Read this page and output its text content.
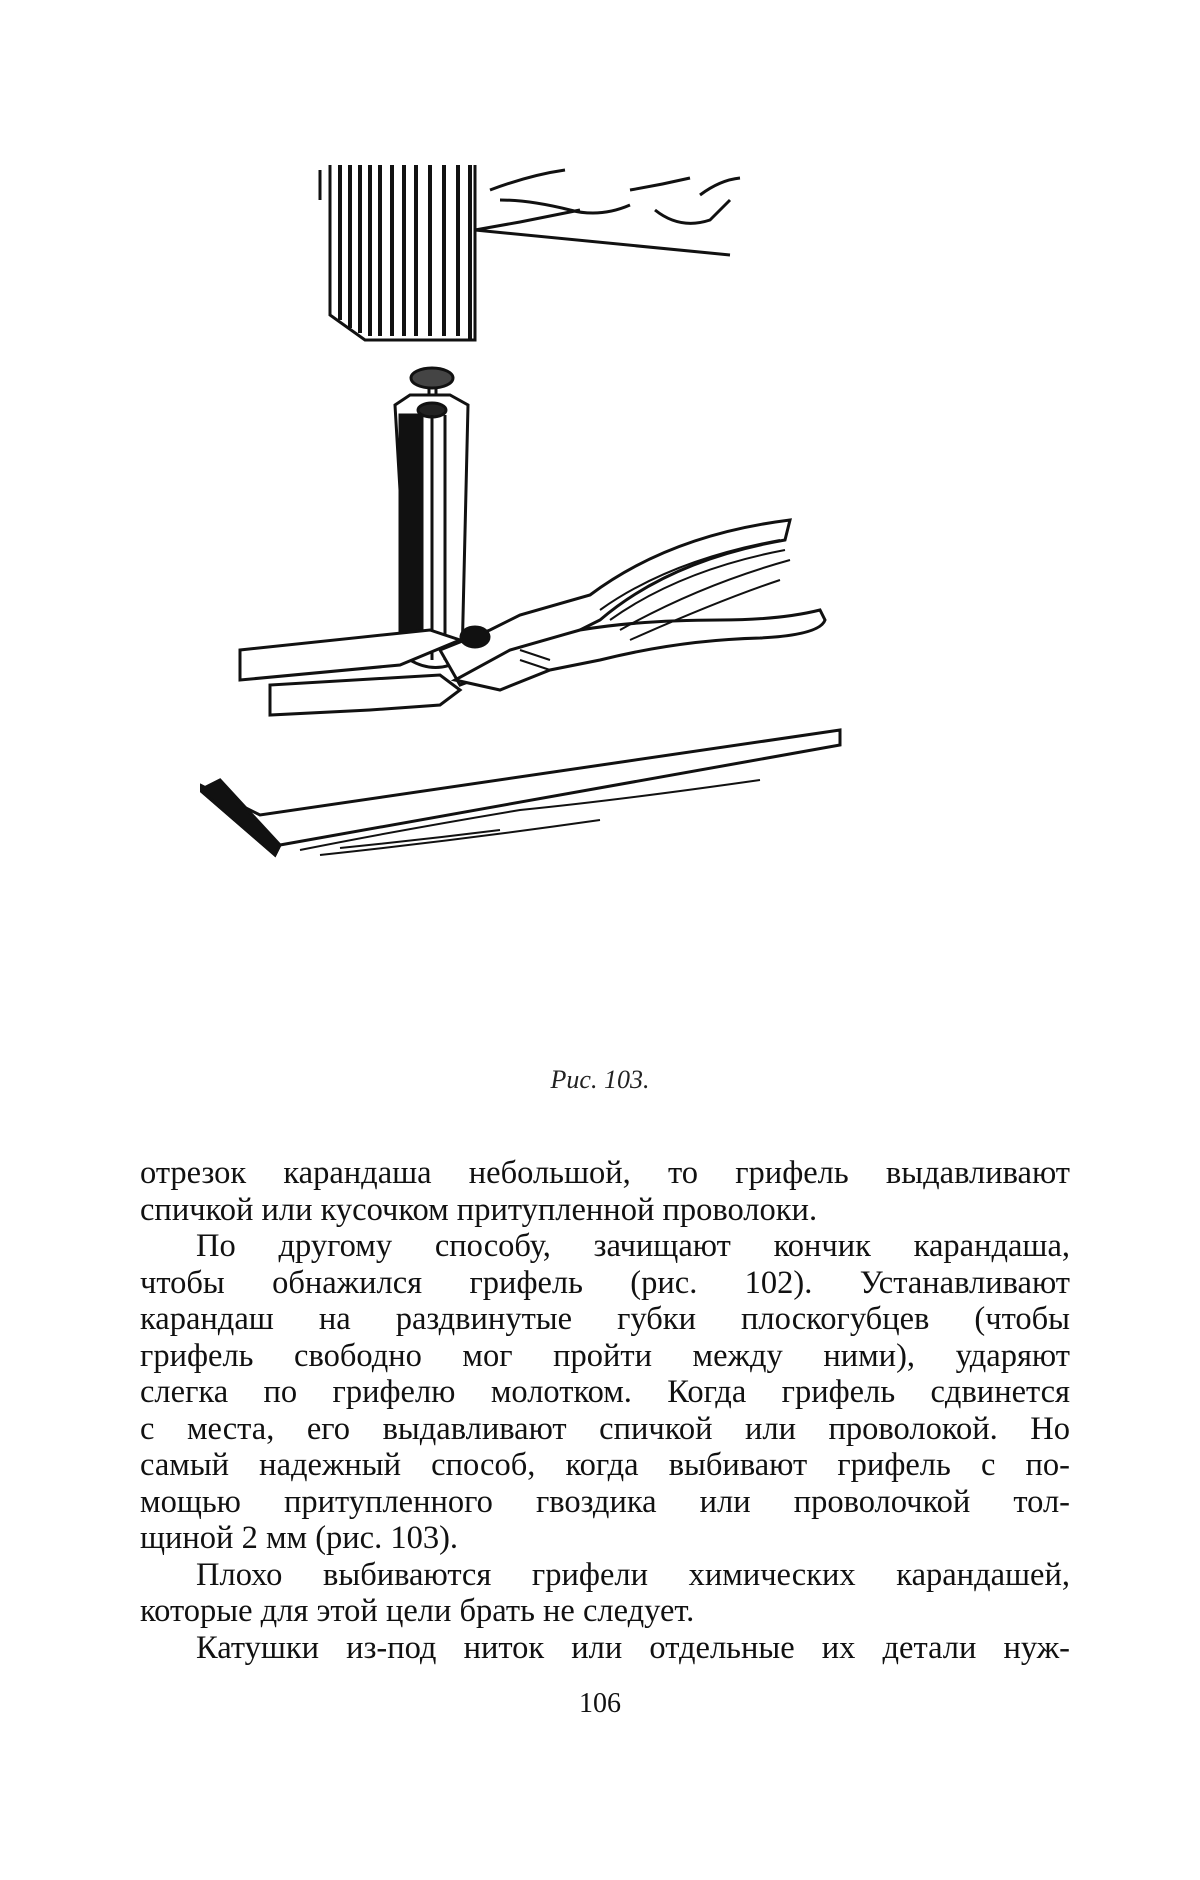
Рис. 103.
отрезок карандаша небольшой, то грифель выдавливают
спичкой или кусочком притупленной проволоки.
По другому способу, зачищают кончик карандаша,
чтобы обнажился грифель (рис. 102). Устанавливают
карандаш на раздвинутые губки плоскогубцев (чтобы
грифель свободно мог пройти между ними), ударяют
слегка по грифелю молотком. Когда грифель сдвинется
с места, его выдавливают спичкой или проволокой. Но
самый надежный способ, когда выбивают грифель с по-
мощью притупленного гвоздика или проволочкой тол-
щиной 2 мм (рис. 103).
Плохо выбиваются грифели химических карандашей,
которые для этой цели брать не следует.
Катушки из-под ниток или отдельные их детали нуж-
106
